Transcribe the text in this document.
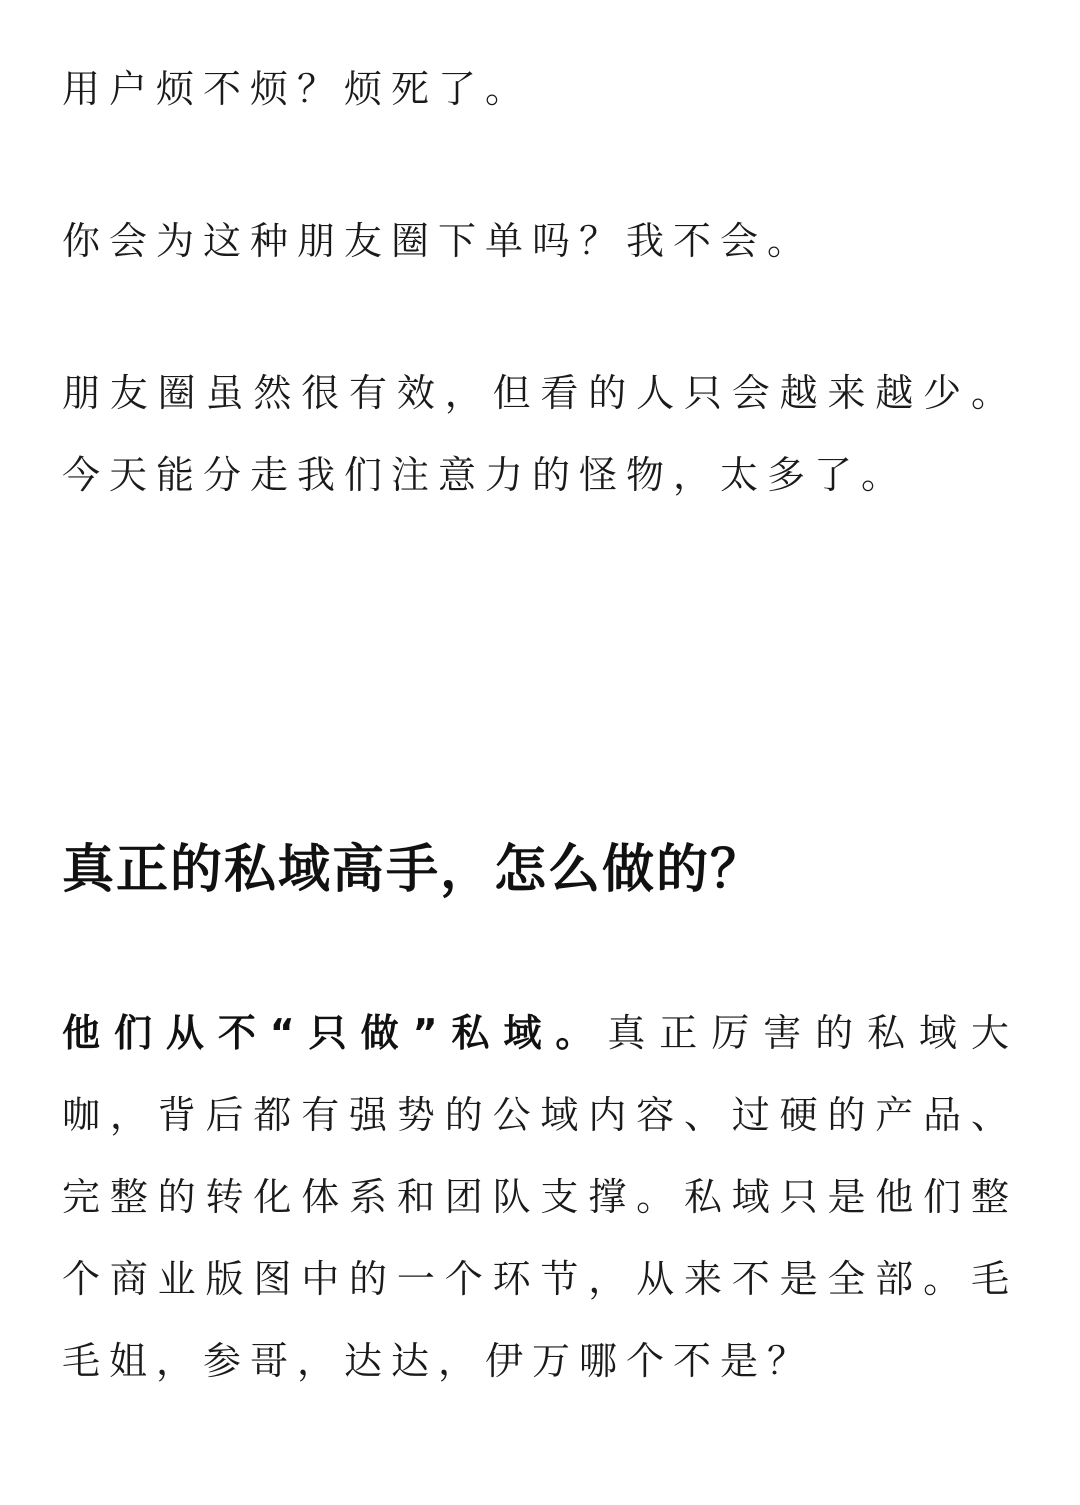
用户烦不烦？烦死了。

你会为这种朋友圈下单吗？我不会。

朋友圈虽然很有效，但看的人只会越来越少。今天能分走我们注意力的怪物，太多了。

真正的私域高手，怎么做的？

他们从不“只做”私域。真正厉害的私域大咖，背后都有强势的公域内容、过硬的产品、完整的转化体系和团队支撑。私域只是他们整个商业版图中的一个环节，从来不是全部。毛毛姐，参哥，达达，伊万哪个不是？
